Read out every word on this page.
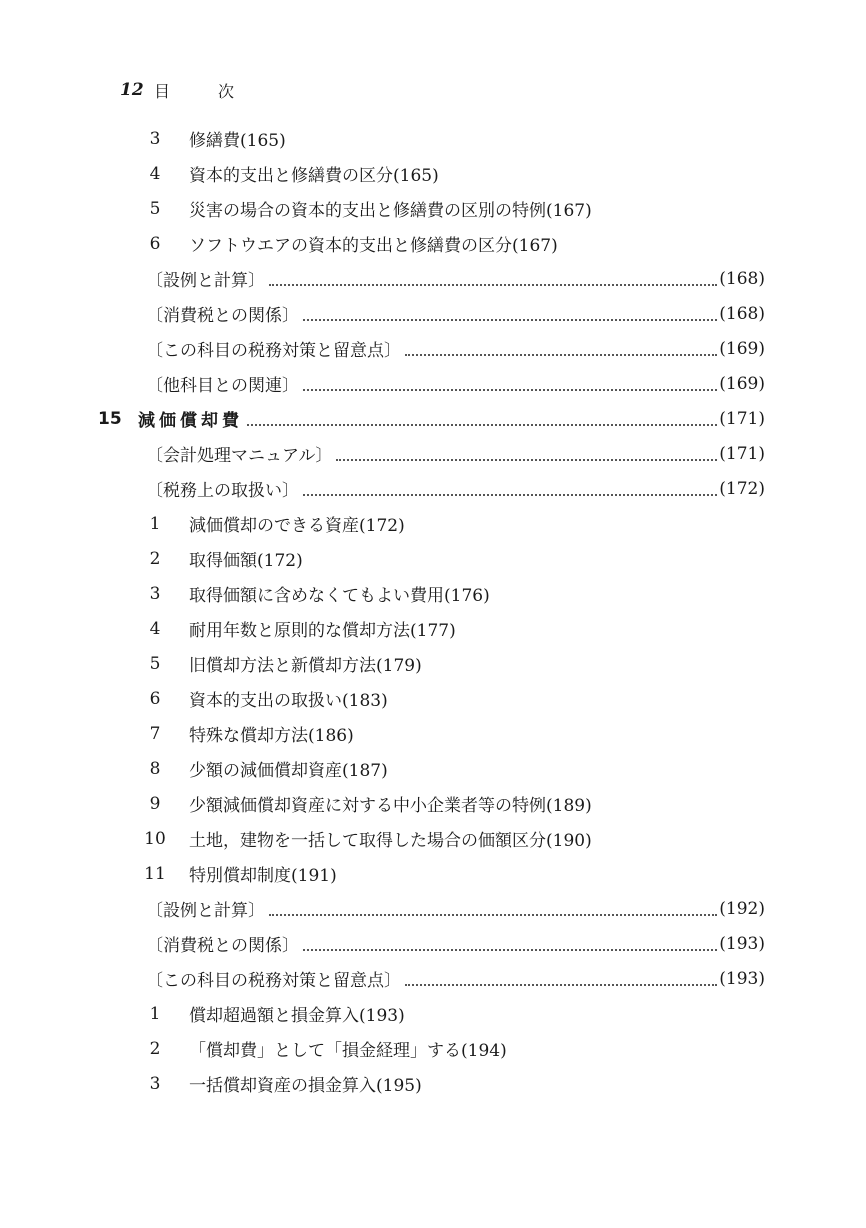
12 目	次
3	修繕費(165)
4	資本的支出と修繕費の区分(165)
5	災害の場合の資本的支出と修繕費の区別の特例(167)
6	ソフトウエアの資本的支出と修繕費の区分(167)
〔設例と計算〕	(168)
〔消費税との関係〕	(168)
〔この科目の税務対策と留意点〕	(169)
〔他科目との関連〕	(169)
15 減価償却費	(171)
〔会計処理マニュアル〕	(171)
〔税務上の取扱い〕	(172)
1	減価償却のできる資産(172)
2	取得価額(172)
3	取得価額に含めなくてもよい費用(176)
4	耐用年数と原則的な償却方法(177)
5	旧償却方法と新償却方法(179)
6	資本的支出の取扱い(183)
7	特殊な償却方法(186)
8	少額の減価償却資産(187)
9	少額減価償却資産に対する中小企業者等の特例(189)
10 土地，建物を一括して取得した場合の価額区分(190)
11 特別償却制度(191)
〔設例と計算〕	(192)
〔消費税との関係〕	(193)
〔この科目の税務対策と留意点〕	(193)
1	償却超過額と損金算入(193)
2	「償却費」として「損金経理」する(194)
3	一括償却資産の損金算入(195)
